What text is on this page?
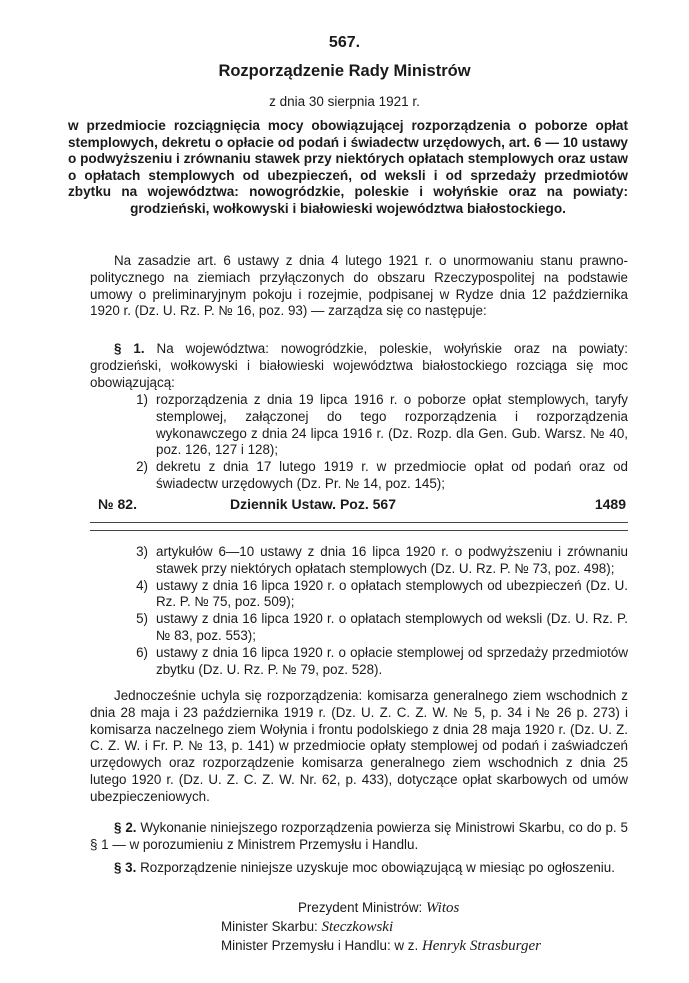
567.
Rozporządzenie Rady Ministrów
z dnia 30 sierpnia 1921 r.
w przedmiocie rozciągnięcia mocy obowiązującej rozporządzenia o poborze opłat stemplowych, dekretu o opłacie od podań i świadectw urzędowych, art. 6 — 10 ustawy o podwyższeniu i zrównaniu stawek przy niektórych opłatach stemplowych oraz ustaw o opłatach stemplowych od ubezpieczeń, od weksli i od sprzedaży przedmiotów zbytku na województwa: nowogródzkie, poleskie i wołyńskie oraz na powiaty: grodzieński, wołkowyski i białowieski województwa białostockiego.
Na zasadzie art. 6 ustawy z dnia 4 lutego 1921 r. o unormowaniu stanu prawno-politycznego na ziemiach przyłączonych do obszaru Rzeczypospolitej na podstawie umowy o preliminaryjnym pokoju i rozejmie, podpisanej w Rydze dnia 12 października 1920 r. (Dz. U. Rz. P. № 16, poz. 93) — zarządza się co następuje:
§ 1. Na województwa: nowogródzkie, poleskie, wołyńskie oraz na powiaty: grodzieński, wołkowyski i białowieski województwa białostockiego rozciąga się moc obowiązującą:
1) rozporządzenia z dnia 19 lipca 1916 r. o poborze opłat stemplowych, taryfy stemplowej, załączonej do tego rozporządzenia i rozporządzenia wykonawczego z dnia 24 lipca 1916 r. (Dz. Rozp. dla Gen. Gub. Warsz. № 40, poz. 126, 127 i 128);
2) dekretu z dnia 17 lutego 1919 r. w przedmiocie opłat od podań oraz od świadectw urzędowych (Dz. Pr. № 14, poz. 145);
№ 82.	Dziennik Ustaw. Poz. 567	1489
3) artykułów 6—10 ustawy z dnia 16 lipca 1920 r. o podwyższeniu i zrównaniu stawek przy niektórych opłatach stemplowych (Dz. U. Rz. P. № 73, poz. 498);
4) ustawy z dnia 16 lipca 1920 r. o opłatach stemplowych od ubezpieczeń (Dz. U. Rz. P. № 75, poz. 509);
5) ustawy z dnia 16 lipca 1920 r. o opłatach stemplowych od weksli (Dz. U. Rz. P. № 83, poz. 553);
6) ustawy z dnia 16 lipca 1920 r. o opłacie stemplowej od sprzedaży przedmiotów zbytku (Dz. U. Rz. P. № 79, poz. 528).
Jednocześnie uchyla się rozporządzenia: komisarza generalnego ziem wschodnich z dnia 28 maja i 23 października 1919 r. (Dz. U. Z. C. Z. W. № 5, p. 34 i № 26 p. 273) i komisarza naczelnego ziem Wołynia i frontu podolskiego z dnia 28 maja 1920 r. (Dz. U. Z. C. Z. W. i Fr. P. № 13, p. 141) w przedmiocie opłaty stemplowej od podań i zaświadczeń urzędowych oraz rozporządzenie komisarza generalnego ziem wschodnich z dnia 25 lutego 1920 r. (Dz. U. Z. C. Z. W. Nr. 62, p. 433), dotyczące opłat skarbowych od umów ubezpieczeniowych.
§ 2. Wykonanie niniejszego rozporządzenia powierza się Ministrowi Skarbu, co do p. 5 § 1 — w porozumieniu z Ministrem Przemysłu i Handlu.
§ 3. Rozporządzenie niniejsze uzyskuje moc obowiązującą w miesiąc po ogłoszeniu.
Prezydent Ministrów: Witos
Minister Skarbu: Steczkowski
Minister Przemysłu i Handlu: w z. Henryk Strasburger
